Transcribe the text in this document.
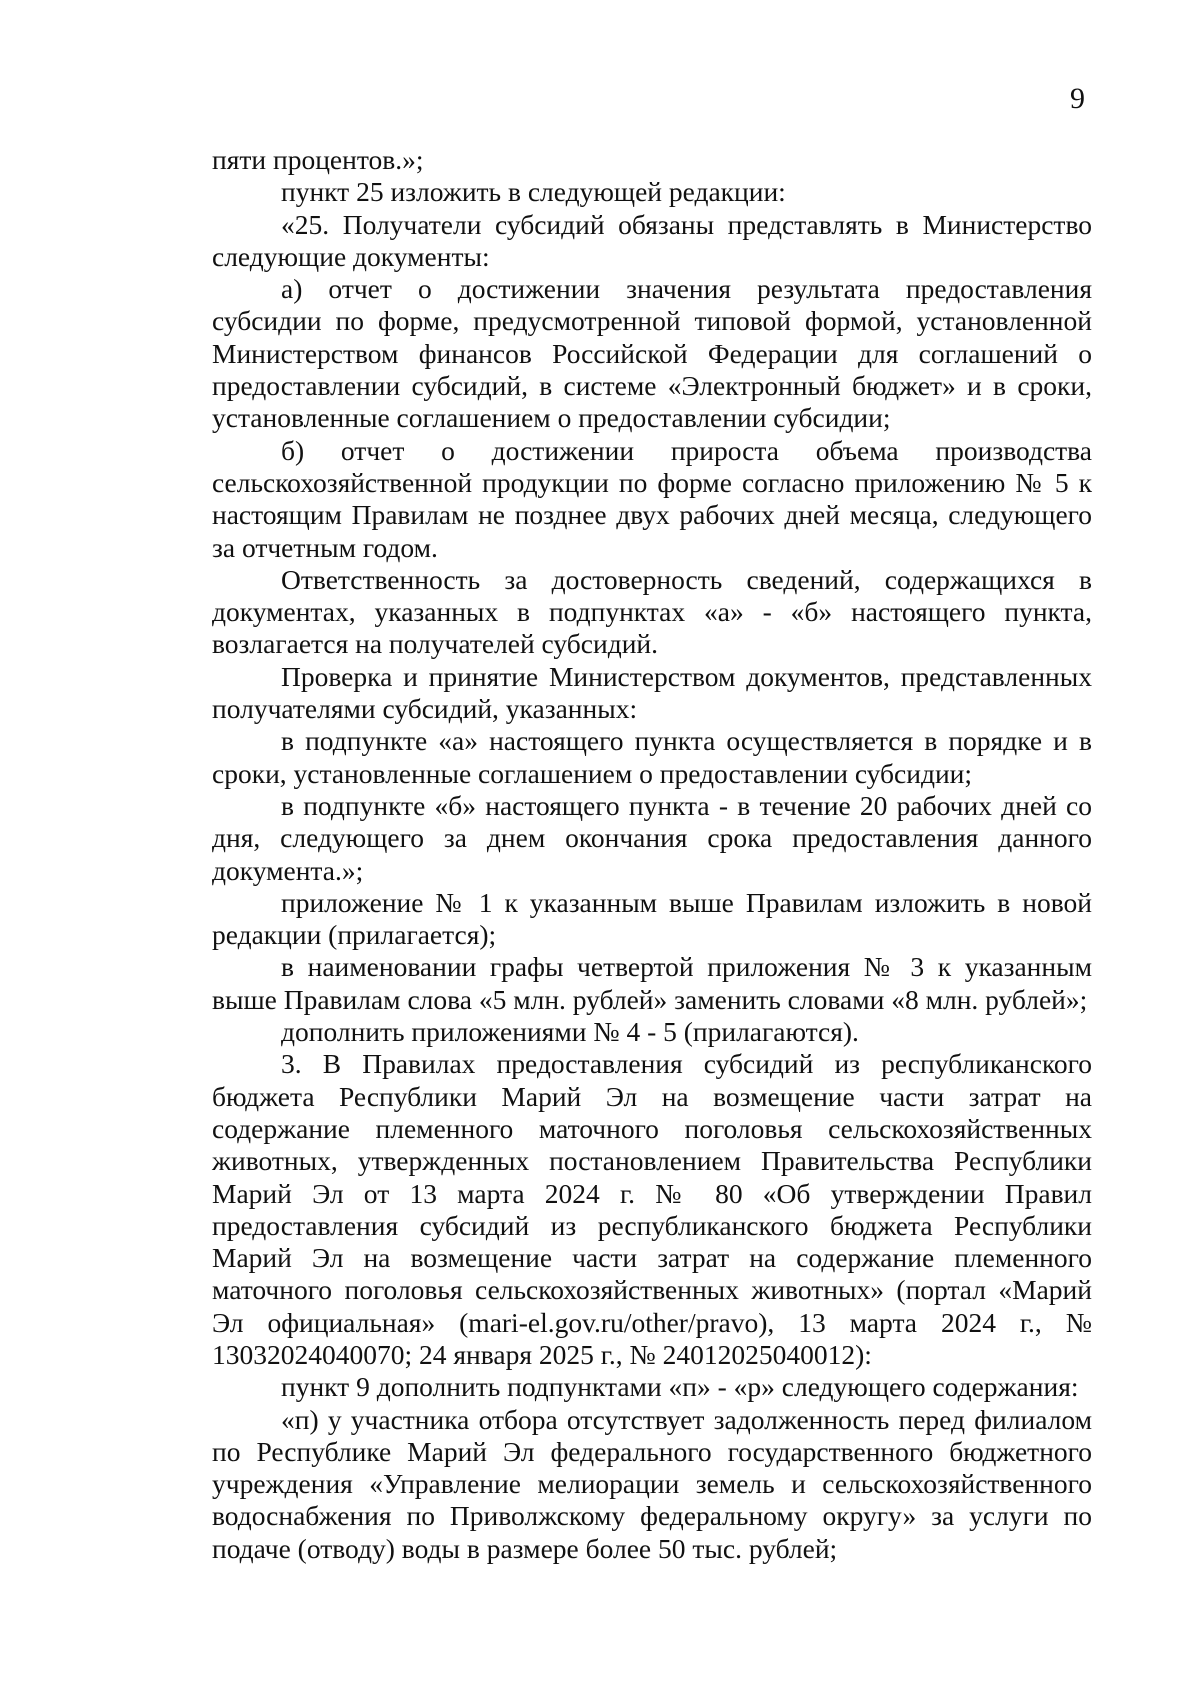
9

пяти процентов.»;

пункт 25 изложить в следующей редакции:

«25. Получатели субсидий обязаны представлять в Министерство следующие документы:

а) отчет о достижении значения результата предоставления субсидии по форме, предусмотренной типовой формой, установленной Министерством финансов Российской Федерации для соглашений о предоставлении субсидий, в системе «Электронный бюджет» и в сроки, установленные соглашением о предоставлении субсидии;

б) отчет о достижении прироста объема производства сельскохозяйственной продукции по форме согласно приложению № 5 к настоящим Правилам не позднее двух рабочих дней месяца, следующего за отчетным годом.

Ответственность за достоверность сведений, содержащихся в документах, указанных в подпунктах «а» - «б» настоящего пункта, возлагается на получателей субсидий.

Проверка и принятие Министерством документов, представленных получателями субсидий, указанных:

в подпункте «а» настоящего пункта осуществляется в порядке и в сроки, установленные соглашением о предоставлении субсидии;

в подпункте «б» настоящего пункта - в течение 20 рабочих дней со дня, следующего за днем окончания срока предоставления данного документа.»;

приложение № 1 к указанным выше Правилам изложить в новой редакции (прилагается);

в наименовании графы четвертой приложения № 3 к указанным выше Правилам слова «5 млн. рублей» заменить словами «8 млн. рублей»;

дополнить приложениями № 4 - 5 (прилагаются).

3. В Правилах предоставления субсидий из республиканского бюджета Республики Марий Эл на возмещение части затрат на содержание племенного маточного поголовья сельскохозяйственных животных, утвержденных постановлением Правительства Республики Марий Эл от 13 марта 2024 г. № 80 «Об утверждении Правил предоставления субсидий из республиканского бюджета Республики Марий Эл на возмещение части затрат на содержание племенного маточного поголовья сельскохозяйственных животных» (портал «Марий Эл официальная» (mari-el.gov.ru/other/pravo), 13 марта 2024 г., № 13032024040070; 24 января 2025 г., № 24012025040012):

пункт 9 дополнить подпунктами «п» - «р» следующего содержания:

«п) у участника отбора отсутствует задолженность перед филиалом по Республике Марий Эл федерального государственного бюджетного учреждения «Управление мелиорации земель и сельскохозяйственного водоснабжения по Приволжскому федеральному округу» за услуги по подаче (отводу) воды в размере более 50 тыс. рублей;
